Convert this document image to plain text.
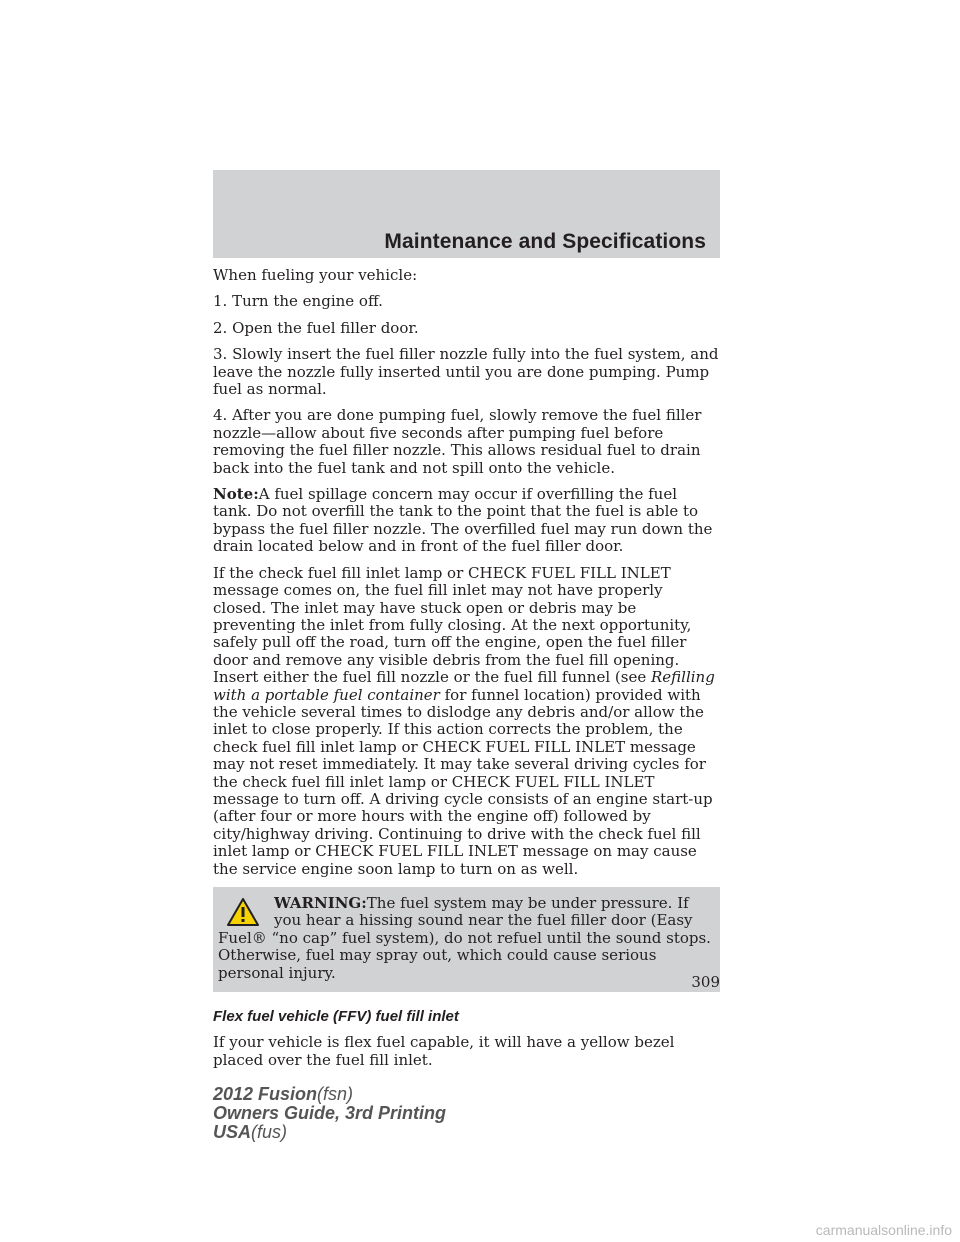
Maintenance and Specifications

When fueling your vehicle:

1. Turn the engine off.

2. Open the fuel filler door.

3. Slowly insert the fuel filler nozzle fully into the fuel system, and leave the nozzle fully inserted until you are done pumping. Pump fuel as normal.

4. After you are done pumping fuel, slowly remove the fuel filler nozzle—allow about five seconds after pumping fuel before removing the fuel filler nozzle. This allows residual fuel to drain back into the fuel tank and not spill onto the vehicle.

Note:A fuel spillage concern may occur if overfilling the fuel tank. Do not overfill the tank to the point that the fuel is able to bypass the fuel filler nozzle. The overfilled fuel may run down the drain located below and in front of the fuel filler door.

If the check fuel fill inlet lamp or CHECK FUEL FILL INLET message comes on, the fuel fill inlet may not have properly closed. The inlet may have stuck open or debris may be preventing the inlet from fully closing. At the next opportunity, safely pull off the road, turn off the engine, open the fuel filler door and remove any visible debris from the fuel fill opening. Insert either the fuel fill nozzle or the fuel fill funnel (see Refilling with a portable fuel container for funnel location) provided with the vehicle several times to dislodge any debris and/or allow the inlet to close properly. If this action corrects the problem, the check fuel fill inlet lamp or CHECK FUEL FILL INLET message may not reset immediately. It may take several driving cycles for the check fuel fill inlet lamp or CHECK FUEL FILL INLET message to turn off. A driving cycle consists of an engine start-up (after four or more hours with the engine off) followed by city/highway driving. Continuing to drive with the check fuel fill inlet lamp or CHECK FUEL FILL INLET message on may cause the service engine soon lamp to turn on as well.

WARNING:The fuel system may be under pressure. If you hear a hissing sound near the fuel filler door (Easy Fuel® “no cap” fuel system), do not refuel until the sound stops. Otherwise, fuel may spray out, which could cause serious personal injury.

Flex fuel vehicle (FFV) fuel fill inlet

If your vehicle is flex fuel capable, it will have a yellow bezel placed over the fuel fill inlet.

309
2012 Fusion(fsn)
Owners Guide, 3rd Printing
USA(fus)
carmanualsonline.info
